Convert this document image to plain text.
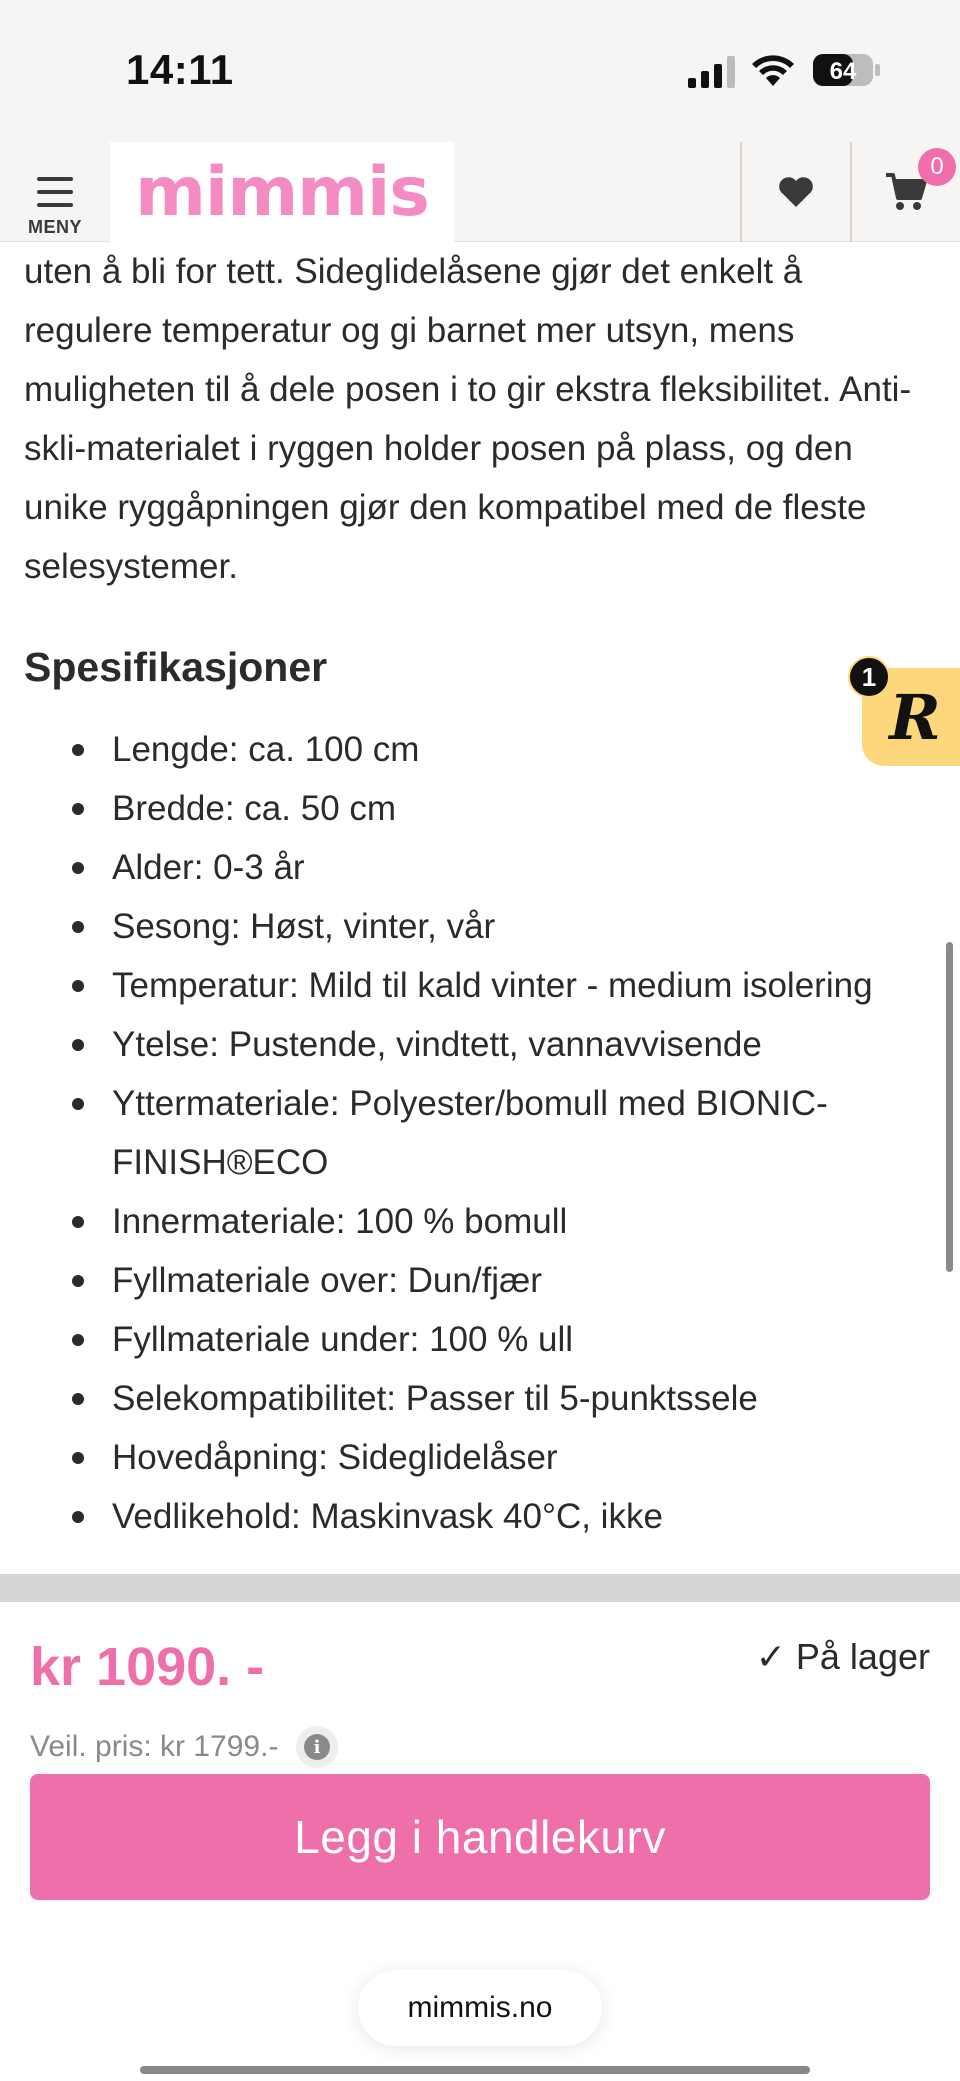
14:11	64
MENY mimmis	0

uten å bli for tett. Sideglidelåsene gjør det enkelt å regulere temperatur og gi barnet mer utsyn, mens muligheten til å dele posen i to gir ekstra fleksibilitet. Anti-skli-materialet i ryggen holder posen på plass, og den unike ryggåpningen gjør den kompatibel med de fleste selesystemer.

Spesifikasjoner
Lengde: ca. 100 cm
Bredde: ca. 50 cm
Alder: 0-3 år
Sesong: Høst, vinter, vår
Temperatur: Mild til kald vinter - medium isolering
Ytelse: Pustende, vindtett, vannavvisende
Yttermateriale: Polyester/bomull med BIONIC-FINISH®ECO
Innermateriale: 100 % bomull
Fyllmateriale over: Dun/fjær
Fyllmateriale under: 100 % ull
Selekompatibilitet: Passer til 5-punktssele
Hovedåpning: Sideglidelåser
Vedlikehold: Maskinvask 40°C, ikke
R
1
kr 1090. -	✓ På lager
Veil. pris: kr 1799.-	i
Legg i handlekurv
mimmis.no
